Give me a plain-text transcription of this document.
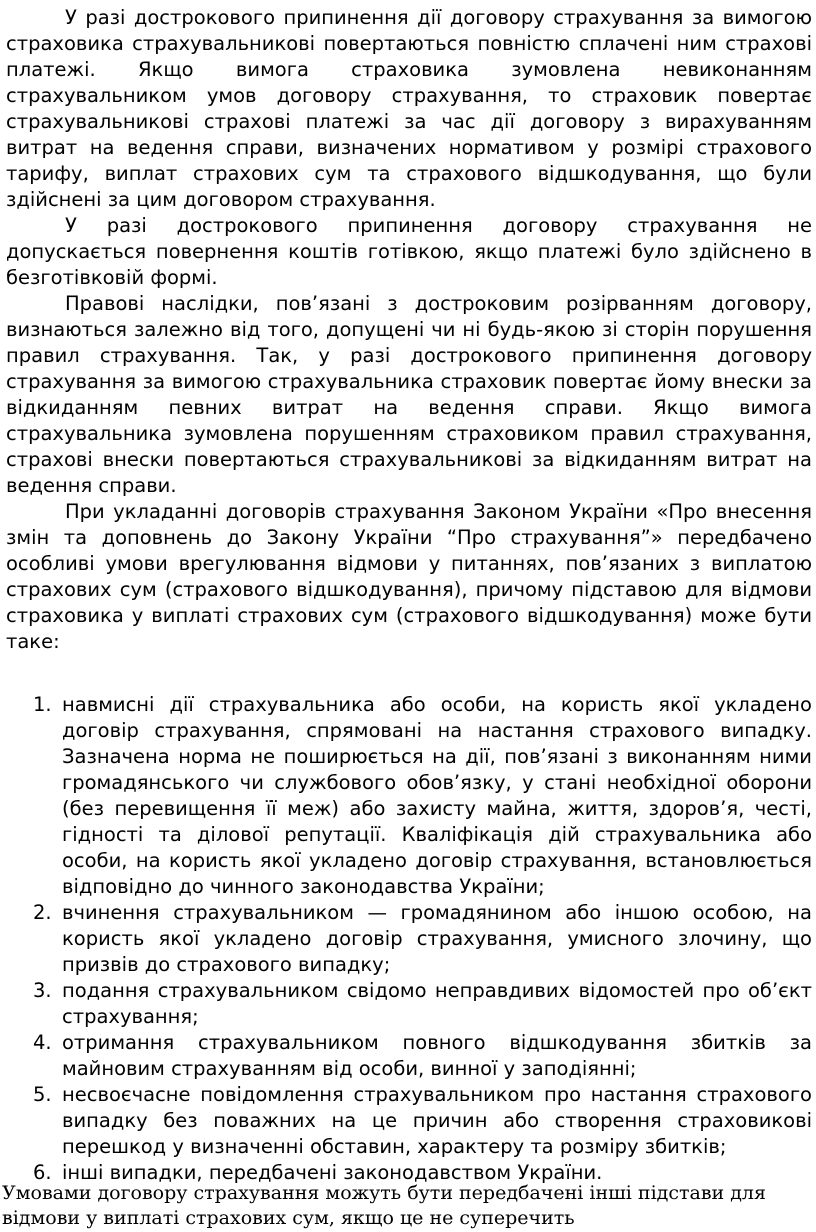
У разі дострокового припинення дії договору страхування за вимогою страховика страхувальникові повертаються повністю сплачені ним страхові платежі. Якщо вимога страховика зумовлена невиконанням страхувальником умов договору страхування, то страховик повертає страхувальникові страхові платежі за час дії договору з вирахуванням витрат на ведення справи, визначених нормативом у розмірі страхового тарифу, виплат страхових сум та страхового відшкодування, що були здійснені за цим договором страхування.

У разі дострокового припинення договору страхування не допускається повернення коштів готівкою, якщо платежі було здійснено в безготівковій формі.

Правові наслідки, пов’язані з достроковим розірванням договору, визнаються залежно від того, допущені чи ні будь-якою зі сторін порушення правил страхування. Так, у разі дострокового припинення договору страхування за вимогою страхувальника страховик повертає йому внески за відкиданням певних витрат на ведення справи. Якщо вимога страхувальника зумовлена порушенням страховиком правил страхування, страхові внески повертаються страхувальникові за відкиданням витрат на ведення справи.

При укладанні договорів страхування Законом України «Про внесення змін та доповнень до Закону України “Про страхування”» передбачено особливі умови врегулювання відмови у питаннях, пов’язаних з виплатою страхових сум (страхового відшкодування), причому підставою для відмови страховика у виплаті страхових сум (страхового відшкодування) може бути таке:

1. навмисні дії страхувальника або особи, на користь якої укладено договір страхування, спрямовані на настання страхового випадку. Зазначена норма не поширюється на дії, пов’язані з виконанням ними громадянського чи службового обов’язку, у стані необхідної оборони (без перевищення її меж) або захисту майна, життя, здоров’я, честі, гідності та ділової репутації. Кваліфікація дій страхувальника або особи, на користь якої укладено договір страхування, встановлюється відповідно до чинного законодавства України;
2. вчинення страхувальником — громадянином або іншою особою, на користь якої укладено договір страхування, умисного злочину, що призвів до страхового випадку;
3. подання страхувальником свідомо неправдивих відомостей про об’єкт страхування;
4. отримання страхувальником повного відшкодування збитків за майновим страхуванням від особи, винної у заподіянні;
5. несвоєчасне повідомлення страхувальником про настання страхового випадку без поважних на це причин або створення страховикові перешкод у визначенні обставин, характеру та розміру збитків;
6. інші випадки, передбачені законодавством України.

Умовами договору страхування можуть бути передбачені інші підстави для відмови у виплаті страхових сум, якщо це не суперечить
